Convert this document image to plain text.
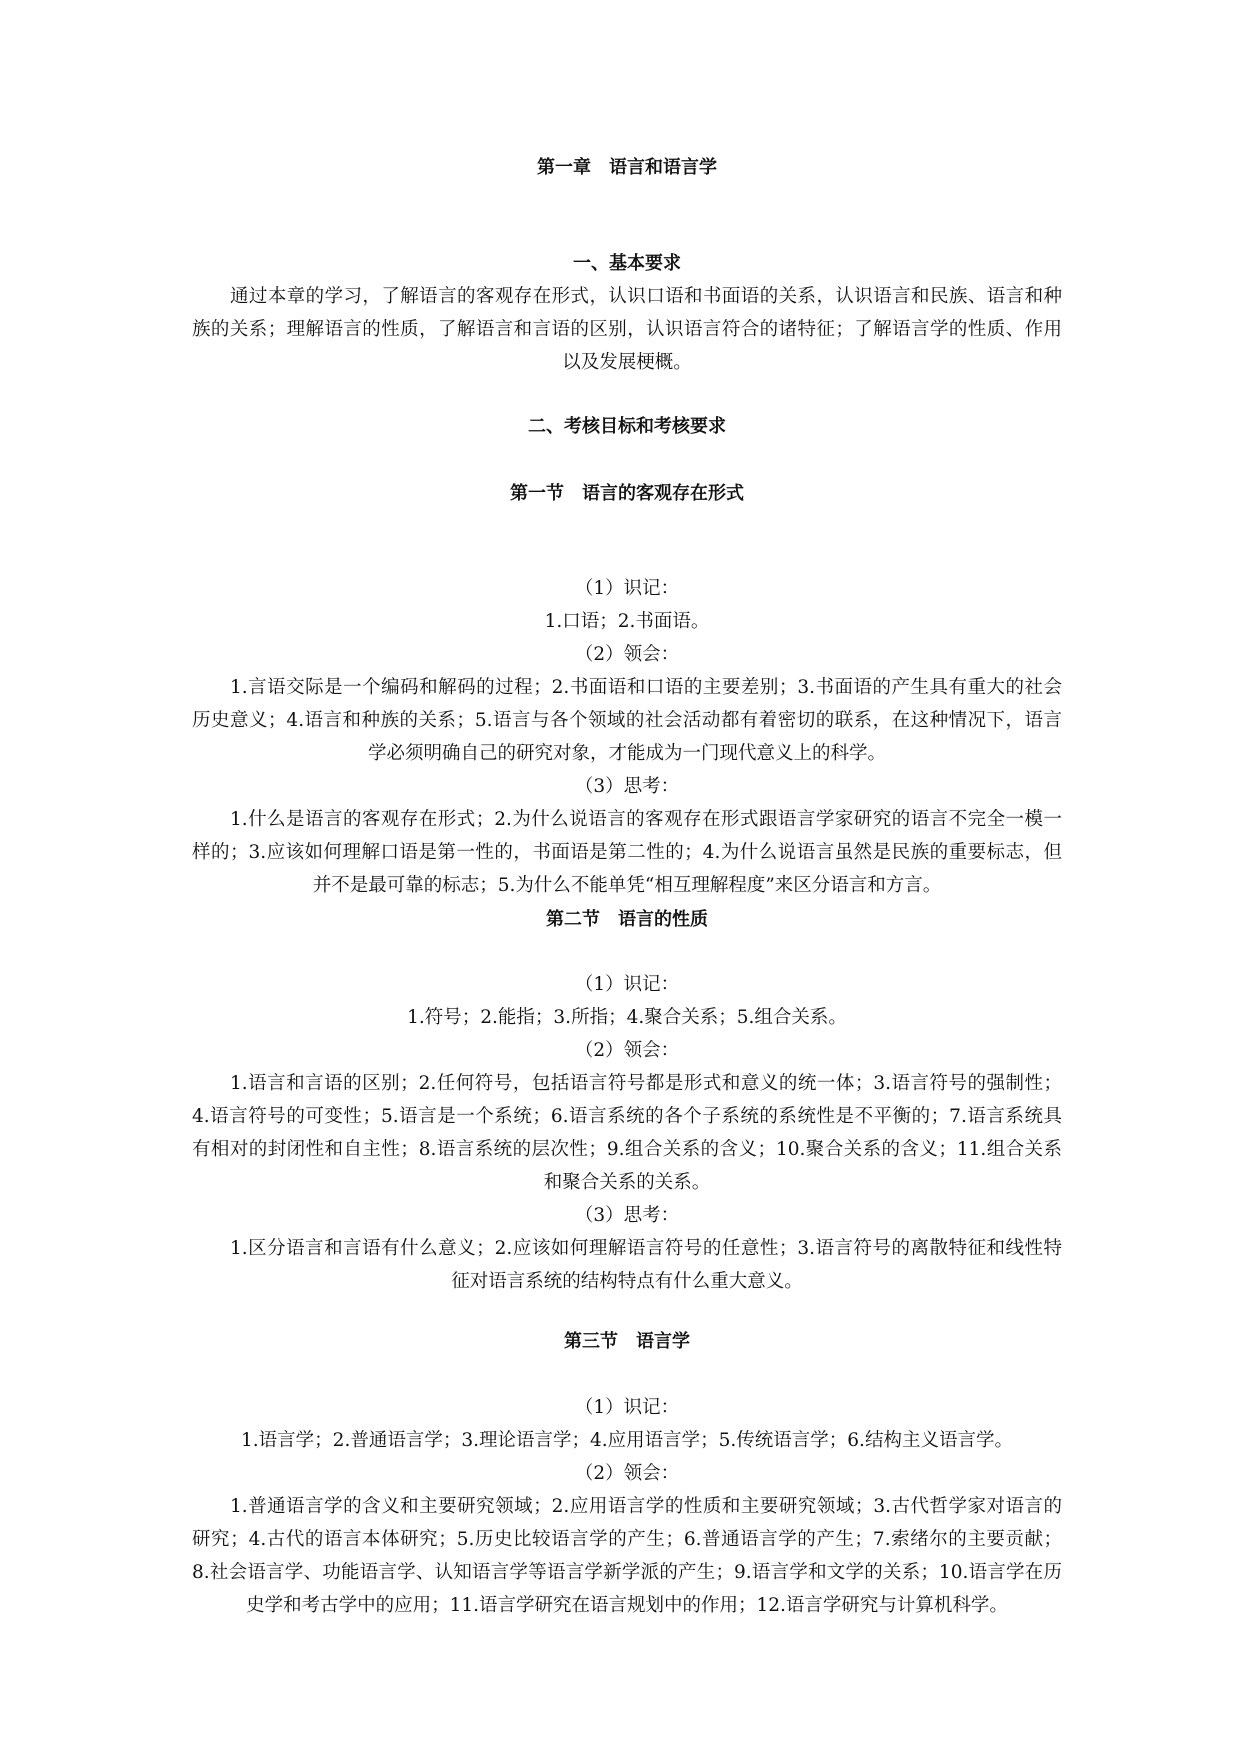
第一章　语言和语言学
一、基本要求
通过本章的学习，了解语言的客观存在形式，认识口语和书面语的关系，认识语言和民族、语言和种
族的关系；理解语言的性质，了解语言和言语的区别，认识语言符合的诸特征；了解语言学的性质、作用
以及发展梗概。
二、考核目标和考核要求
第一节　语言的客观存在形式
（1）识记：
1.口语；2.书面语。
（2）领会：
1.言语交际是一个编码和解码的过程；2.书面语和口语的主要差别；3.书面语的产生具有重大的社会
历史意义；4.语言和种族的关系；5.语言与各个领域的社会活动都有着密切的联系，在这种情况下，语言
学必须明确自己的研究对象，才能成为一门现代意义上的科学。
（3）思考：
1.什么是语言的客观存在形式；2.为什么说语言的客观存在形式跟语言学家研究的语言不完全一模一
样的；3.应该如何理解口语是第一性的，书面语是第二性的；4.为什么说语言虽然是民族的重要标志，但
并不是最可靠的标志；5.为什么不能单凭“相互理解程度”来区分语言和方言。
第二节　语言的性质
（1）识记：
1.符号；2.能指；3.所指；4.聚合关系；5.组合关系。
（2）领会：
1.语言和言语的区别；2.任何符号，包括语言符号都是形式和意义的统一体；3.语言符号的强制性；
4.语言符号的可变性；5.语言是一个系统；6.语言系统的各个子系统的系统性是不平衡的；7.语言系统具
有相对的封闭性和自主性；8.语言系统的层次性；9.组合关系的含义；10.聚合关系的含义；11.组合关系
和聚合关系的关系。
（3）思考：
1.区分语言和言语有什么意义；2.应该如何理解语言符号的任意性；3.语言符号的离散特征和线性特
征对语言系统的结构特点有什么重大意义。
第三节　语言学
（1）识记：
1.语言学；2.普通语言学；3.理论语言学；4.应用语言学；5.传统语言学；6.结构主义语言学。
（2）领会：
1.普通语言学的含义和主要研究领域；2.应用语言学的性质和主要研究领域；3.古代哲学家对语言的
研究；4.古代的语言本体研究；5.历史比较语言学的产生；6.普通语言学的产生；7.索绪尔的主要贡献；
8.社会语言学、功能语言学、认知语言学等语言学新学派的产生；9.语言学和文学的关系；10.语言学在历
史学和考古学中的应用；11.语言学研究在语言规划中的作用；12.语言学研究与计算机科学。
